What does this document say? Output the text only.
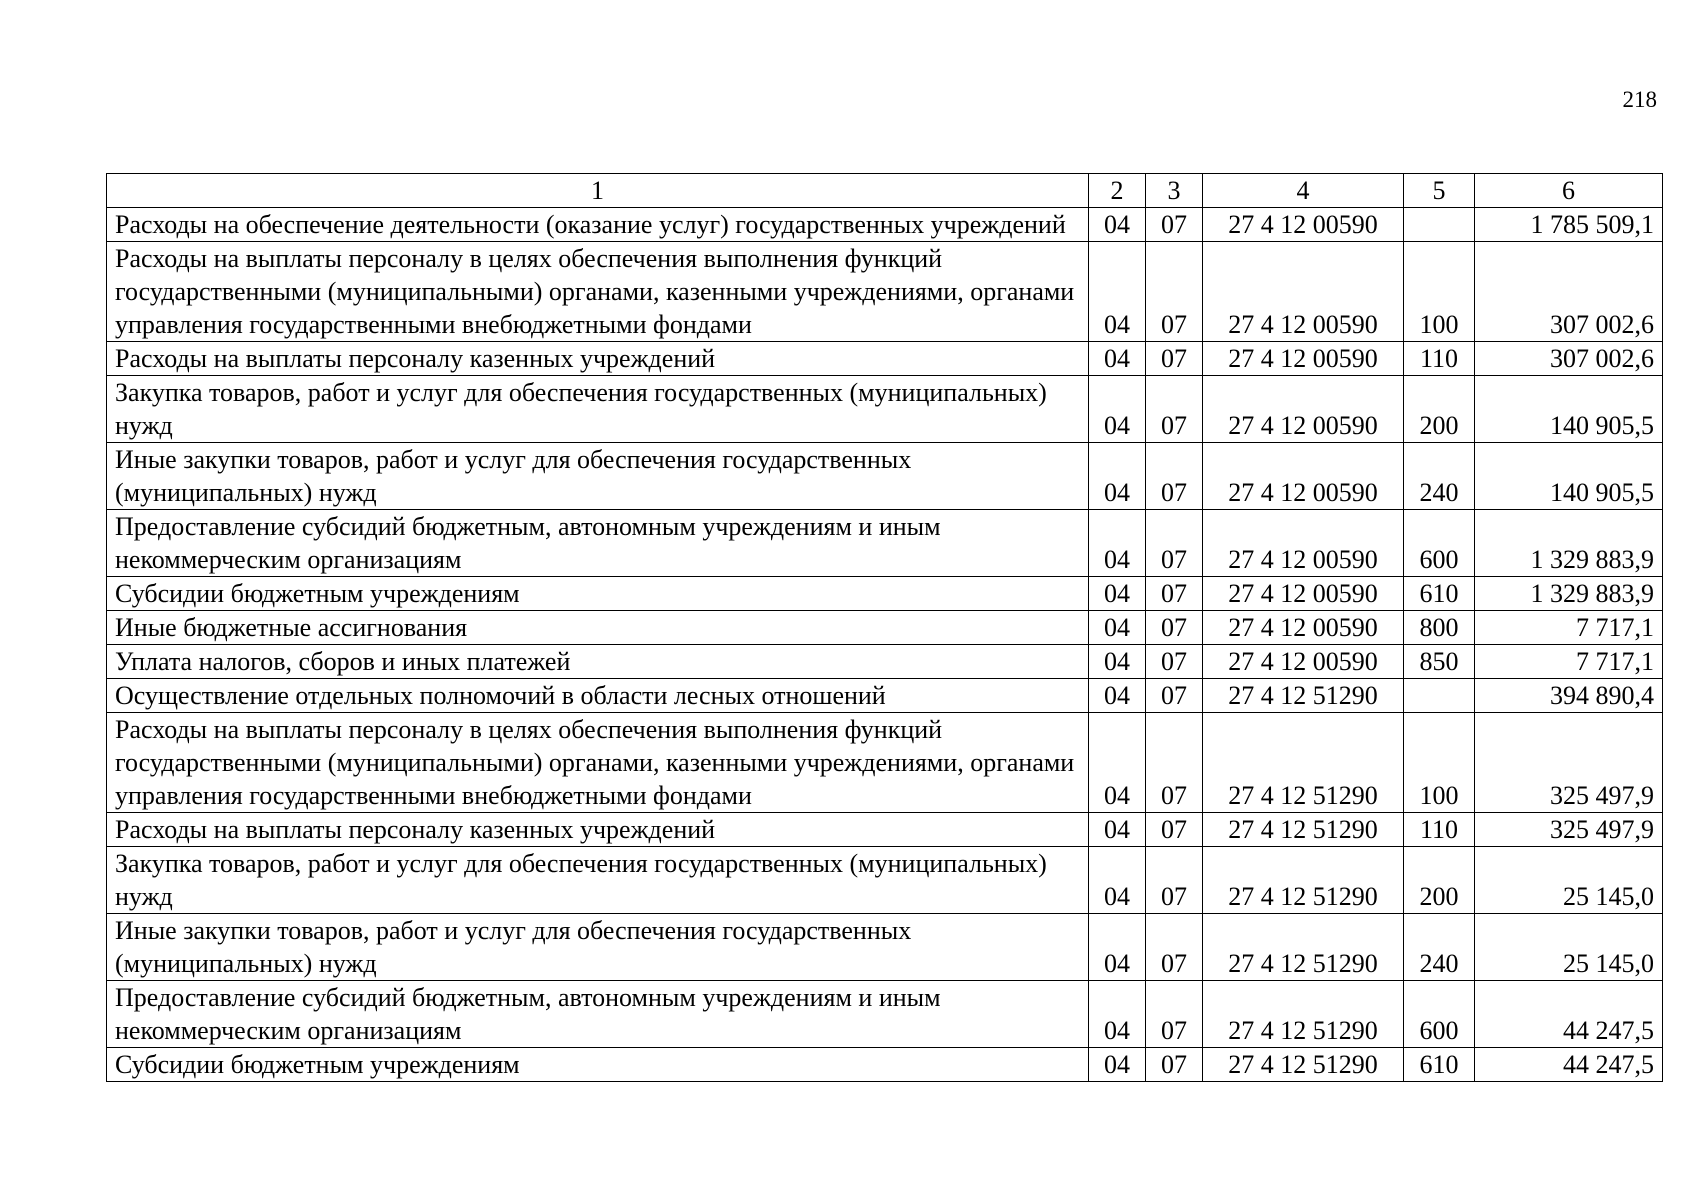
218
1	2	3	4	5	6
Расходы на обеспечение деятельности (оказание услуг) государственных учреждений	04	07	27 4 12 00590		1 785 509,1
Расходы на выплаты персоналу в целях обеспечения выполнения функций государственными (муниципальными) органами, казенными учреждениями, органами управления государственными внебюджетными фондами	04	07	27 4 12 00590	100	307 002,6
Расходы на выплаты персоналу казенных учреждений	04	07	27 4 12 00590	110	307 002,6
Закупка товаров, работ и услуг для обеспечения государственных (муниципальных) нужд	04	07	27 4 12 00590	200	140 905,5
Иные закупки товаров, работ и услуг для обеспечения государственных (муниципальных) нужд	04	07	27 4 12 00590	240	140 905,5
Предоставление субсидий бюджетным, автономным учреждениям и иным некоммерческим организациям	04	07	27 4 12 00590	600	1 329 883,9
Субсидии бюджетным учреждениям	04	07	27 4 12 00590	610	1 329 883,9
Иные бюджетные ассигнования	04	07	27 4 12 00590	800	7 717,1
Уплата налогов, сборов и иных платежей	04	07	27 4 12 00590	850	7 717,1
Осуществление отдельных полномочий в области лесных отношений	04	07	27 4 12 51290		394 890,4
Расходы на выплаты персоналу в целях обеспечения выполнения функций государственными (муниципальными) органами, казенными учреждениями, органами управления государственными внебюджетными фондами	04	07	27 4 12 51290	100	325 497,9
Расходы на выплаты персоналу казенных учреждений	04	07	27 4 12 51290	110	325 497,9
Закупка товаров, работ и услуг для обеспечения государственных (муниципальных) нужд	04	07	27 4 12 51290	200	25 145,0
Иные закупки товаров, работ и услуг для обеспечения государственных (муниципальных) нужд	04	07	27 4 12 51290	240	25 145,0
Предоставление субсидий бюджетным, автономным учреждениям и иным некоммерческим организациям	04	07	27 4 12 51290	600	44 247,5
Субсидии бюджетным учреждениям	04	07	27 4 12 51290	610	44 247,5
